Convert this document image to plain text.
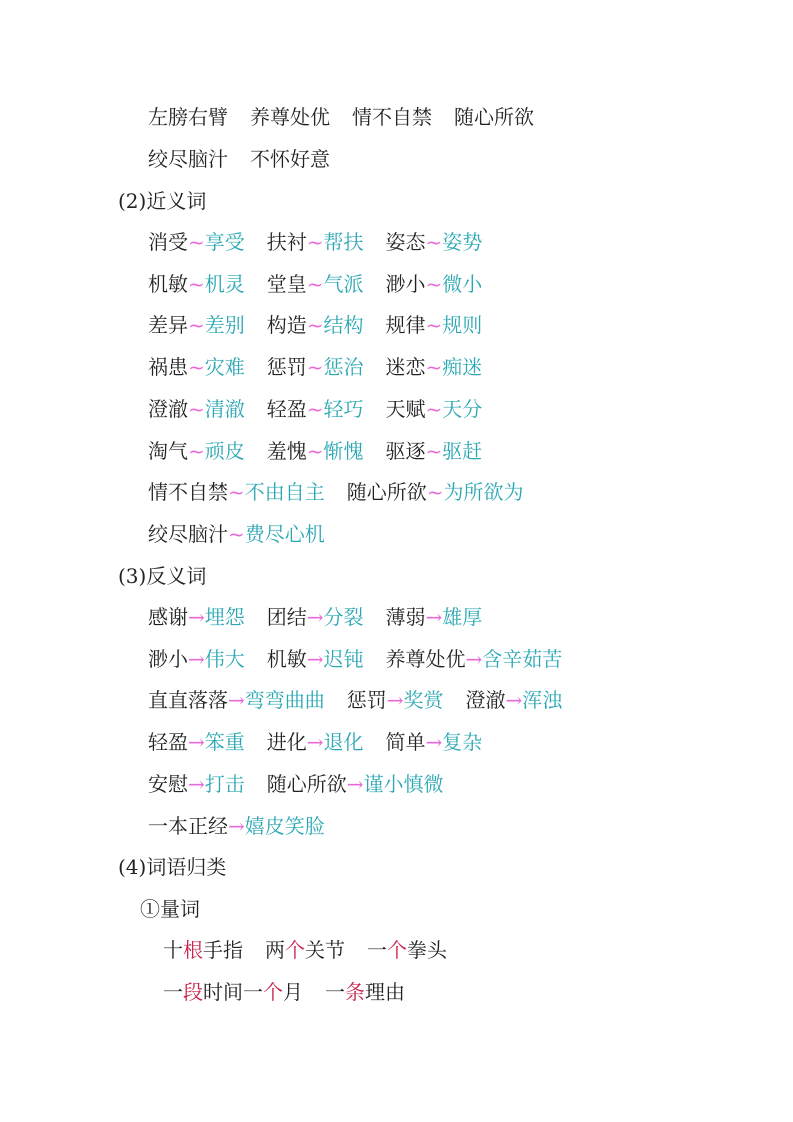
左膀右臂 养尊处优 情不自禁 随心所欲
绞尽脑汁 不怀好意
(2)近义词
消受~享受 扶衬~帮扶 姿态~姿势
机敏~机灵 堂皇~气派 渺小~微小
差异~差别 构造~结构 规律~规则
祸患~灾难 惩罚~惩治 迷恋~痴迷
澄澈~清澈 轻盈~轻巧 天赋~天分
淘气~顽皮 羞愧~惭愧 驱逐~驱赶
情不自禁~不由自主 随心所欲~为所欲为
绞尽脑汁~费尽心机
(3)反义词
感谢→埋怨 团结→分裂 薄弱→雄厚
渺小→伟大 机敏→迟钝 养尊处优→含辛茹苦
直直落落→弯弯曲曲 惩罚→奖赏 澄澈→浑浊
轻盈→笨重 进化→退化 简单→复杂
安慰→打击 随心所欲→谨小慎微
一本正经→嬉皮笑脸
(4)词语归类
①量词
十根手指 两个关节 一个拳头
一段时间一个月 一条理由
